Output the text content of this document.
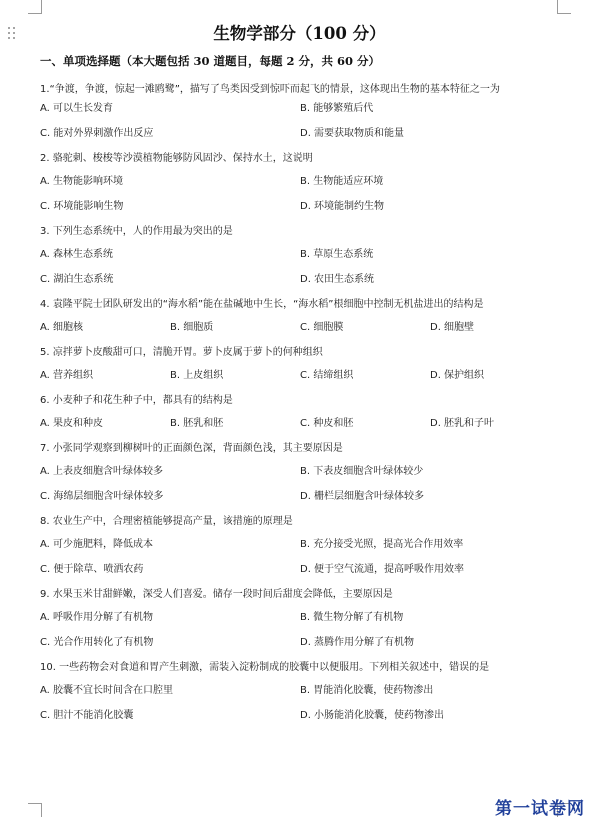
生物学部分（100 分）
一、单项选择题（本大题包括 30 道题目，每题 2 分，共 60 分）
1.“争渡，争渡，惊起一滩鸥鹭”，描写了鸟类因受到惊吓而起飞的情景，这体现出生物的基本特征之一为
A. 可以生长发育	B. 能够繁殖后代
C. 能对外界刺激作出反应	D. 需要获取物质和能量
2. 骆驼刺、梭梭等沙漠植物能够防风固沙、保持水土，这说明
A. 生物能影响环境	B. 生物能适应环境
C. 环境能影响生物	D. 环境能制约生物
3. 下列生态系统中，人的作用最为突出的是
A. 森林生态系统	B. 草原生态系统
C. 湖泊生态系统	D. 农田生态系统
4. 袁隆平院士团队研发出的“海水稻”能在盐碱地中生长，“海水稻”根细胞中控制无机盐进出的结构是
A. 细胞核	B. 细胞质	C. 细胞膜	D. 细胞壁
5. 凉拌萝卜皮酸甜可口，清脆开胃。萝卜皮属于萝卜的何种组织
A. 营养组织	B. 上皮组织	C. 结缔组织	D. 保护组织
6. 小麦种子和花生种子中，都具有的结构是
A. 果皮和种皮	B. 胚乳和胚	C. 种皮和胚	D. 胚乳和子叶
7. 小张同学观察到柳树叶的正面颜色深，背面颜色浅，其主要原因是
A. 上表皮细胞含叶绿体较多	B. 下表皮细胞含叶绿体较少
C. 海绵层细胞含叶绿体较多	D. 栅栏层细胞含叶绿体较多
8. 农业生产中，合理密植能够提高产量，该措施的原理是
A. 可少施肥料，降低成本	B. 充分接受光照，提高光合作用效率
C. 便于除草、喷洒农药	D. 便于空气流通，提高呼吸作用效率
9. 水果玉米甘甜鲜嫩，深受人们喜爱。储存一段时间后甜度会降低，主要原因是
A. 呼吸作用分解了有机物	B. 微生物分解了有机物
C. 光合作用转化了有机物	D. 蒸腾作用分解了有机物
10. 一些药物会对食道和胃产生刺激，需装入淀粉制成的胶囊中以便服用。下列相关叙述中，错误的是
A. 胶囊不宜长时间含在口腔里	B. 胃能消化胶囊，使药物渗出
C. 胆汁不能消化胶囊	D. 小肠能消化胶囊，使药物渗出
第一试卷网
